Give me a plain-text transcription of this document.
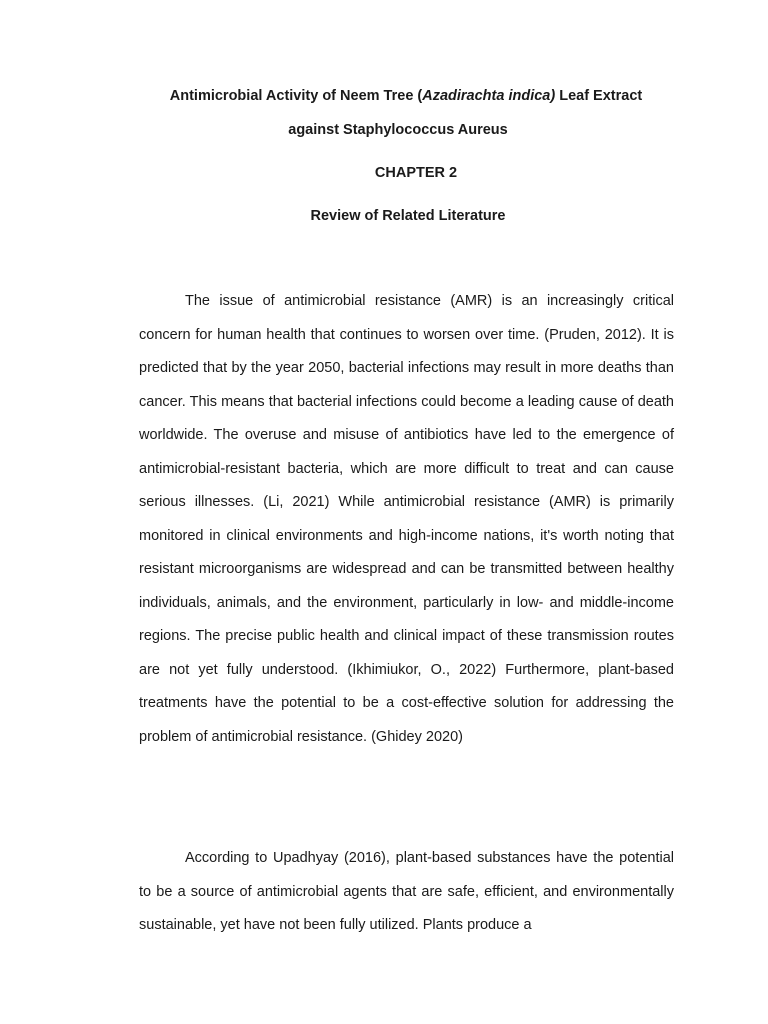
Antimicrobial Activity of Neem Tree (Azadirachta indica) Leaf Extract
against Staphylococcus Aureus
CHAPTER 2
Review of Related Literature

The issue of antimicrobial resistance (AMR) is an increasingly critical concern for human health that continues to worsen over time. (Pruden, 2012). It is predicted that by the year 2050, bacterial infections may result in more deaths than cancer. This means that bacterial infections could become a leading cause of death worldwide. The overuse and misuse of antibiotics have led to the emergence of antimicrobial-resistant bacteria, which are more difficult to treat and can cause serious illnesses. (Li, 2021) While antimicrobial resistance (AMR) is primarily monitored in clinical environments and high-income nations, it's worth noting that resistant microorganisms are widespread and can be transmitted between healthy individuals, animals, and the environment, particularly in low- and middle-income regions. The precise public health and clinical impact of these transmission routes are not yet fully understood. (Ikhimiukor, O., 2022) Furthermore, plant-based treatments have the potential to be a cost-effective solution for addressing the problem of antimicrobial resistance. (Ghidey 2020)

According to Upadhyay (2016), plant-based substances have the potential to be a source of antimicrobial agents that are safe, efficient, and environmentally sustainable, yet have not been fully utilized. Plants produce a
